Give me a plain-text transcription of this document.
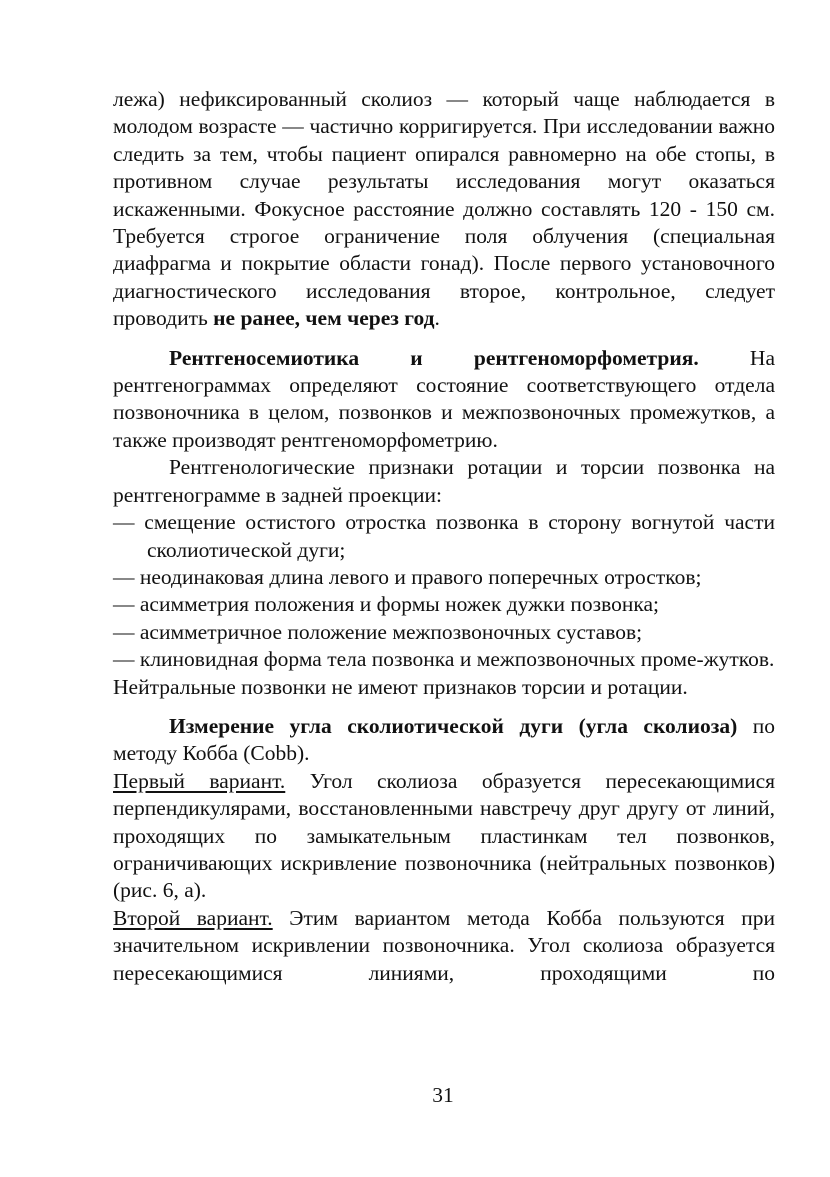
лежа) нефиксированный сколиоз — который чаще наблюдается в молодом возрасте — частично корригируется. При исследовании важно следить за тем, чтобы пациент опирался равномерно на обе стопы, в противном случае результаты исследования могут оказаться искаженными. Фокусное расстояние должно составлять 120 - 150 см. Требуется строгое ограничение поля облучения (специальная диафрагма и покрытие области гонад). После первого установочного диагностического исследования второе, контрольное, следует проводить не ранее, чем через год.

Рентгеносемиотика и рентгеноморфометрия. На рентгенограммах определяют состояние соответствующего отдела позвоночника в целом, позвонков и межпозвоночных промежутков, а также производят рентгеноморфометрию.

Рентгенологические признаки ротации и торсии позвонка на рентгенограмме в задней проекции:

— смещение остистого отростка позвонка в сторону вогнутой части сколиотической дуги;

— неодинаковая длина левого и правого поперечных отростков;

— асимметрия положения и формы ножек дужки позвонка;

— асимметричное положение межпозвоночных суставов;

— клиновидная форма тела позвонка и межпозвоночных проме-жутков.

Нейтральные позвонки не имеют признаков торсии и ротации.

Измерение угла сколиотической дуги (угла сколиоза) по методу Кобба (Cobb).

Первый вариант. Угол сколиоза образуется пересекающимися перпендикулярами, восстановленными навстречу друг другу от линий, проходящих по замыкательным пластинкам тел позвонков, ограничивающих искривление позвоночника (нейтральных позвонков) (рис. 6, а).

Второй вариант. Этим вариантом метода Кобба пользуются при значительном искривлении позвоночника. Угол сколиоза образуется пересекающимися линиями, проходящими по

31
